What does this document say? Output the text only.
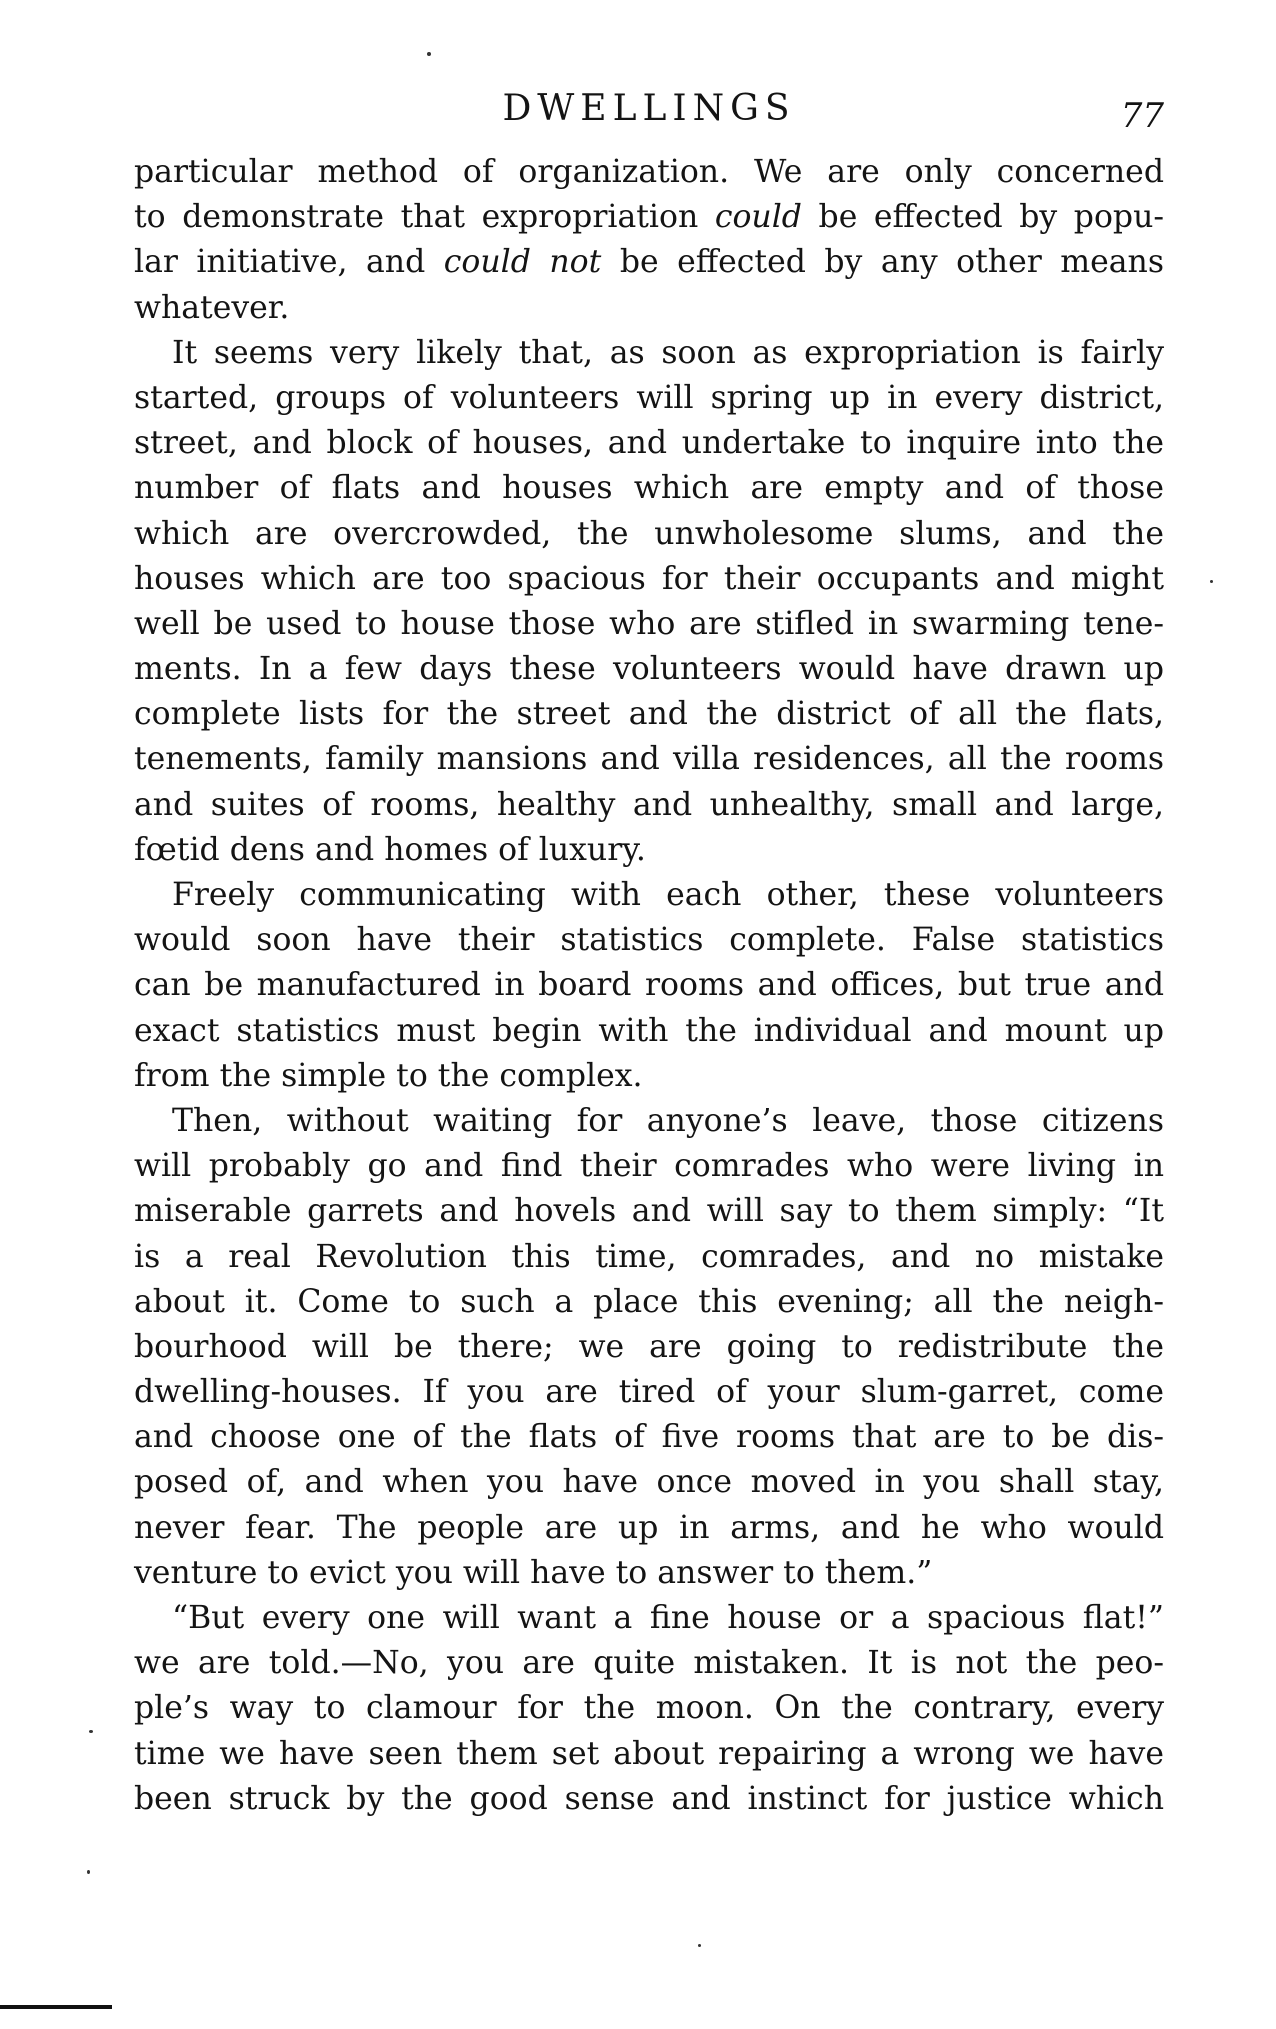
DWELLINGS	77
particular method of organization. We are only concerned
to demonstrate that expropriation could be effected by popu-
lar initiative, and could not be effected by any other means
whatever.
It seems very likely that, as soon as expropriation is fairly
started, groups of volunteers will spring up in every district,
street, and block of houses, and undertake to inquire into the
number of flats and houses which are empty and of those
which are overcrowded, the unwholesome slums, and the
houses which are too spacious for their occupants and might
well be used to house those who are stifled in swarming tene-
ments. In a few days these volunteers would have drawn up
complete lists for the street and the district of all the flats,
tenements, family mansions and villa residences, all the rooms
and suites of rooms, healthy and unhealthy, small and large,
fœtid dens and homes of luxury.
Freely communicating with each other, these volunteers
would soon have their statistics complete. False statistics
can be manufactured in board rooms and offices, but true and
exact statistics must begin with the individual and mount up
from the simple to the complex.
Then, without waiting for anyone’s leave, those citizens
will probably go and find their comrades who were living in
miserable garrets and hovels and will say to them simply: “It
is a real Revolution this time, comrades, and no mistake
about it. Come to such a place this evening; all the neigh-
bourhood will be there; we are going to redistribute the
dwelling-houses. If you are tired of your slum-garret, come
and choose one of the flats of five rooms that are to be dis-
posed of, and when you have once moved in you shall stay,
never fear. The people are up in arms, and he who would
venture to evict you will have to answer to them.”
“But every one will want a fine house or a spacious flat!”
we are told.—No, you are quite mistaken. It is not the peo-
ple’s way to clamour for the moon. On the contrary, every
time we have seen them set about repairing a wrong we have
been struck by the good sense and instinct for justice which
